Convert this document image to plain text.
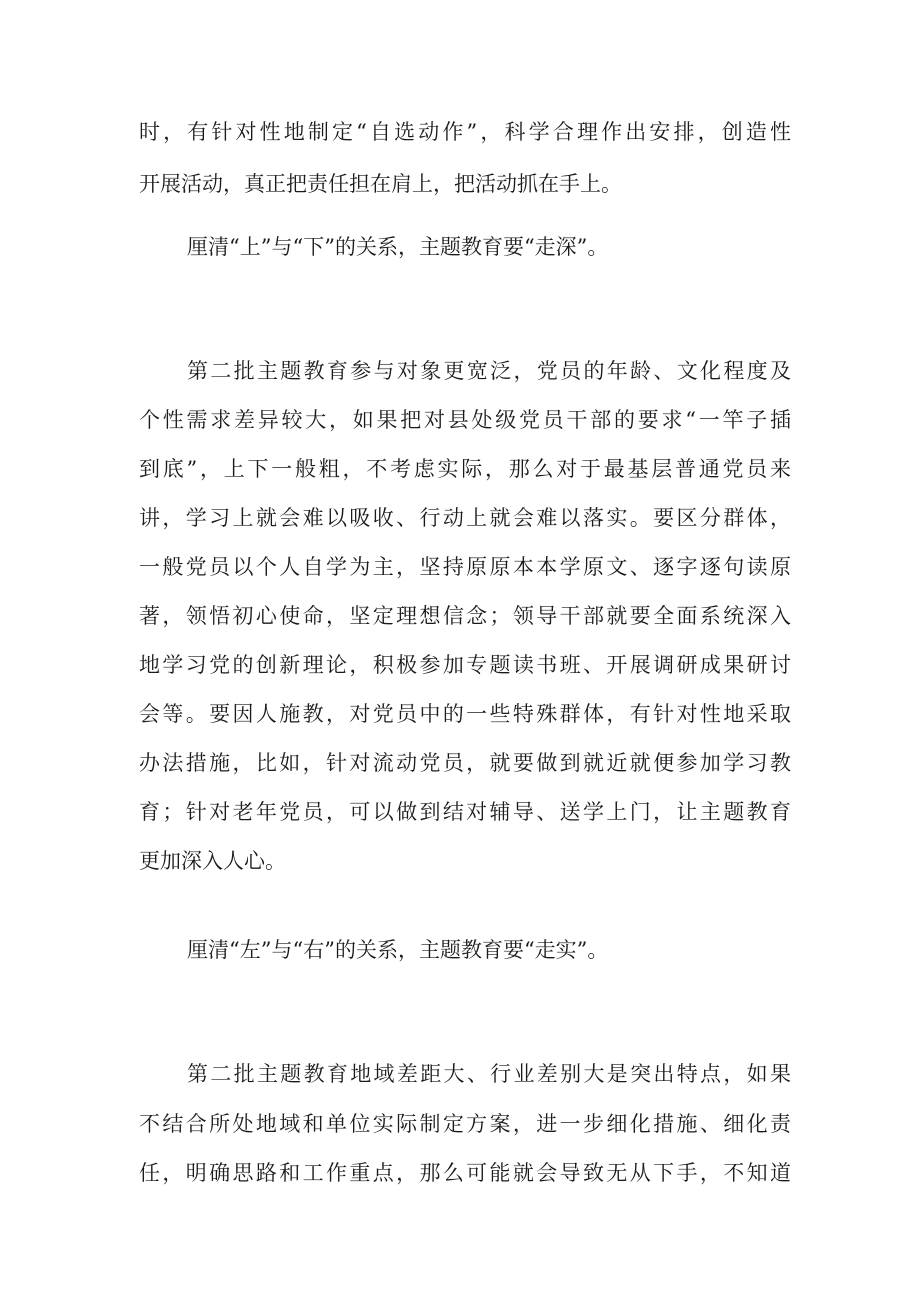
时，有针对性地制定“自选动作”，科学合理作出安排，创造性
开展活动，真正把责任担在肩上，把活动抓在手上。
厘清“上”与“下”的关系，主题教育要“走深”。
第二批主题教育参与对象更宽泛，党员的年龄、文化程度及
个性需求差异较大，如果把对县处级党员干部的要求“一竿子插
到底”，上下一般粗，不考虑实际，那么对于最基层普通党员来
讲，学习上就会难以吸收、行动上就会难以落实。要区分群体，
一般党员以个人自学为主，坚持原原本本学原文、逐字逐句读原
著，领悟初心使命，坚定理想信念；领导干部就要全面系统深入
地学习党的创新理论，积极参加专题读书班、开展调研成果研讨
会等。要因人施教，对党员中的一些特殊群体，有针对性地采取
办法措施，比如，针对流动党员，就要做到就近就便参加学习教
育；针对老年党员，可以做到结对辅导、送学上门，让主题教育
更加深入人心。
厘清“左”与“右”的关系，主题教育要“走实”。
第二批主题教育地域差距大、行业差别大是突出特点，如果
不结合所处地域和单位实际制定方案，进一步细化措施、细化责
任，明确思路和工作重点，那么可能就会导致无从下手，不知道
